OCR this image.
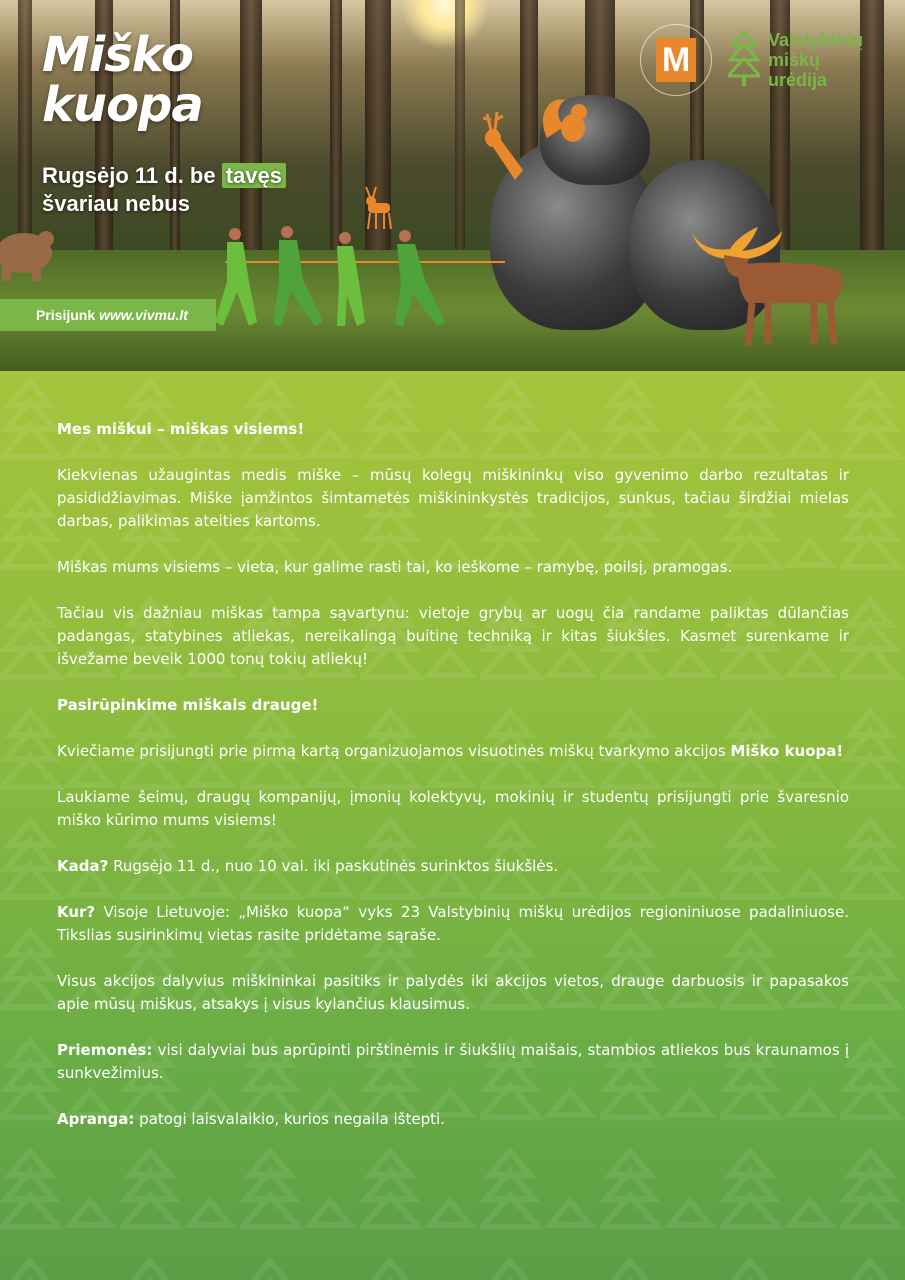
Miško
kuopa
Rugsėjo 11 d. be tavęs
švariau nebus
Prisijunk www.vivmu.lt
M
Valstybinių
miškų
urėdija

Mes miškui – miškas visiems!

Kiekvienas užaugintas medis miške – mūsų kolegų miškininkų viso gyvenimo darbo rezultatas ir pasididžiavimas. Miške įamžintos šimtametės miškininkystės tradicijos, sunkus, tačiau širdžiai mielas darbas, palikimas ateities kartoms.

Miškas mums visiems – vieta, kur galime rasti tai, ko ieškome – ramybę, poilsį, pramogas.

Tačiau vis dažniau miškas tampa sąvartynu: vietoje grybų ar uogų čia randame paliktas dūlančias padangas, statybines atliekas, nereikalingą buitinę techniką ir kitas šiukšles. Kasmet surenkame ir išvežame beveik 1000 tonų tokių atliekų!

Pasirūpinkime miškais drauge!

Kviečiame prisijungti prie pirmą kartą organizuojamos visuotinės miškų tvarkymo akcijos Miško kuopa!

Laukiame šeimų, draugų kompanijų, įmonių kolektyvų, mokinių ir studentų prisijungti prie švaresnio miško kūrimo mums visiems!

Kada? Rugsėjo 11 d., nuo 10 val. iki paskutinės surinktos šiukšlės.

Kur? Visoje Lietuvoje: „Miško kuopa“ vyks 23 Valstybinių miškų urėdijos regioniniuose padaliniuose. Tikslias susirinkimų vietas rasite pridėtame sąraše.

Visus akcijos dalyvius miškininkai pasitiks ir palydės iki akcijos vietos, drauge darbuosis ir papasakos apie mūsų miškus, atsakys į visus kylančius klausimus.

Priemonės: visi dalyviai bus aprūpinti pirštinėmis ir šiukšlių maišais, stambios atliekos bus kraunamos į sunkvežimius.

Apranga: patogi laisvalaikio, kurios negaila ištepti.
